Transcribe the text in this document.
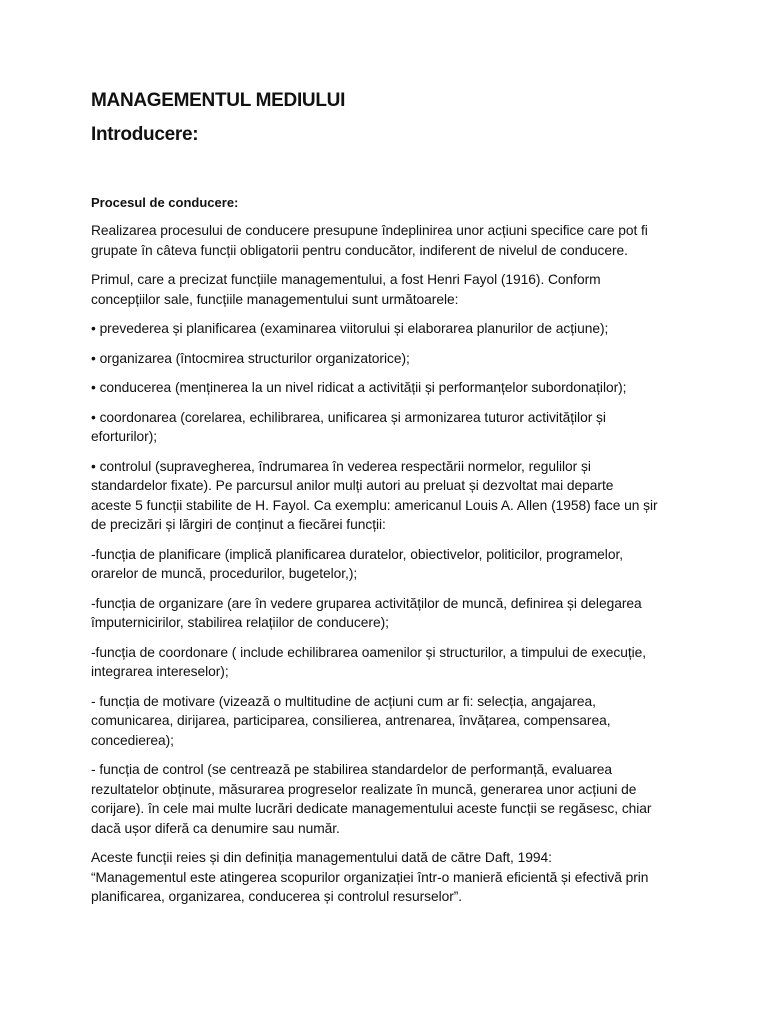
MANAGEMENTUL MEDIULUI
Introducere:
Procesul de conducere:

Realizarea procesului de conducere presupune îndeplinirea unor acțiuni specifice care pot fi
grupate în câteva funcții obligatorii pentru conducător, indiferent de nivelul de conducere.

Primul, care a precizat funcțiile managementului, a fost Henri Fayol (1916). Conform
concepțiilor sale, funcțiile managementului sunt următoarele:

• prevederea și planificarea (examinarea viitorului și elaborarea planurilor de acțiune);

• organizarea (întocmirea structurilor organizatorice);

• conducerea (menținerea la un nivel ridicat a activității și performanțelor subordonaților);

• coordonarea (corelarea, echilibrarea, unificarea și armonizarea tuturor activităților și
eforturilor);

• controlul (supravegherea, îndrumarea în vederea respectării normelor, regulilor și
standardelor fixate). Pe parcursul anilor mulți autori au preluat și dezvoltat mai departe
aceste 5 funcții stabilite de H. Fayol. Ca exemplu: americanul Louis A. Allen (1958) face un șir
de precizări și lărgiri de conținut a fiecărei funcții:

-funcția de planificare (implică planificarea duratelor, obiectivelor, politicilor, programelor,
orarelor de muncă, procedurilor, bugetelor,);

-funcția de organizare (are în vedere gruparea activităților de muncă, definirea și delegarea
împuternicirilor, stabilirea relațiilor de conducere);

-funcția de coordonare ( include echilibrarea oamenilor și structurilor, a timpului de execuție,
integrarea intereselor);

- funcția de motivare (vizează o multitudine de acțiuni cum ar fi: selecția, angajarea,
comunicarea, dirijarea, participarea, consilierea, antrenarea, învățarea, compensarea,
concedierea);

- funcția de control (se centrează pe stabilirea standardelor de performanță, evaluarea
rezultatelor obținute, măsurarea progreselor realizate în muncă, generarea unor acțiuni de
corijare). în cele mai multe lucrări dedicate managementului aceste funcții se regăsesc, chiar
dacă ușor diferă ca denumire sau număr.

Aceste funcții reies și din definiția managementului dată de către Daft, 1994:
“Managementul este atingerea scopurilor organizației într-o manieră eficientă și efectivă prin
planificarea, organizarea, conducerea și controlul resurselor”.
